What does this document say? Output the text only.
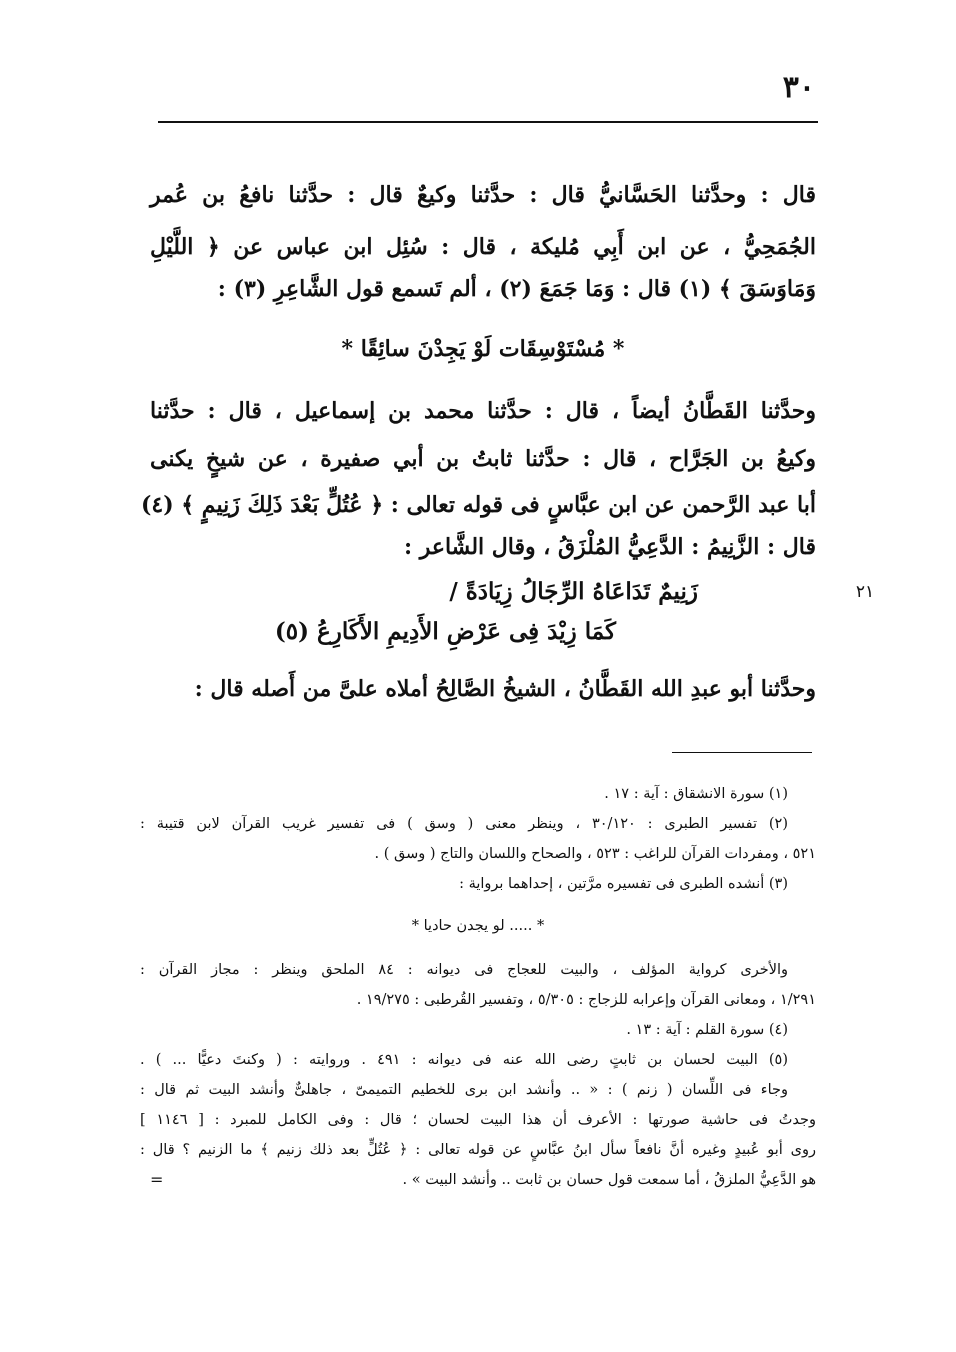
٣٠
٢١
قال : وحدَّثنا الحَسَّانيُّ قال : حدَّثنا وكيعٌ قال : حدَّثنا نافعُ بن عُمر
الجُمَحِيُّ ، عن ابن أَبِي مُليكة ، قال : سُئِل ابن عباس عن ﴿ اللَّيْلِ
وَمَاوَسَقَ ﴾ (١) قال : وَمَا جَمَعَ (٢) ، ألم تَسمع قول الشَّاعِرِ (٣) :
* مُسْتَوْسِقَات لَوْ يَجِدْنَ سائِقًا *
وحدَّثنا القَطَّانُ أيضاً ، قال : حدَّثنا محمد بن إسماعيل ، قال : حدَّثنا
وكيعُ بن الجَرَّاح ، قال : حدَّثنا ثابتُ بن أبي صفيرة ، عن شيخٍ يكنى
أبا عبد الرَّحمن عن ابن عبَّاسٍ فى قوله تعالى : ﴿ عُتُلٍّ بَعْدَ ذَلِكَ زَنِيمٍ ﴾ (٤)
قال : الزَّنِيمُ : الدَّعِيُّ المُلْزَقُ ، وقال الشَّاعر :
زَنِيمٌ تَدَاعَاهُ الرِّجَالُ زِيَادَةً /
كَمَا زِيْدَ فِى عَرْضِ الأَدِيمِ الأَكَارِعُ (٥)
وحدَّثنا أبو عبدِ الله القَطَّانُ ، الشيخُ الصَّالِحُ أملاه علىَّ من أَصله قال :
(١) سورة الانشقاق : آية : ١٧ .
(٢) تفسير الطبرى : ٣٠/١٢٠ ، وينظر معنى ( وسق ) فى تفسير غريب القرآن لابن قتيبة :
٥٢١ ، ومفردات القرآن للراغب : ٥٢٣ ، والصحاح واللسان والتاج ( وسق ) .
(٣) أنشده الطبرى فى تفسيره مرَّتين ، إحداهما برواية :
* ..... لو يجدن حاديا *
والأخرى كرواية المؤلف ، والبيت للعجاج فى ديوانه : ٨٤ الملحق وينظر : مجاز القرآن :
١/٢٩١ ، ومعانى القرآن وإعرابه للزجاج : ٥/٣٠٥ ، وتفسير القُرطبى : ١٩/٢٧٥ .
(٤) سورة القلم : آية : ١٣ .
(٥) البيت لحسان بن ثابتٍ رضى الله عنه فى ديوانه : ٤٩١ . وروايته : ( وكنتَ دعيًّا ... ) .
وجاء فى اللِّسان ( زنم ) : « .. وأنشد ابن برى للخطيم التميمىّ ، جاهلىٌّ وأنشد البيت ثم قال :
وجدتُ فى حاشية صورتها : الأعرف أن هذا البيت لحسان ؛ قال : وفى الكامل للمبرد : [ ١١٤٦ ]
روى أبو عُبيدٍ وغيره أنَّ نافعاً سأل ابنُ عبَّاسٍ عن قوله تعالى : ﴿ عُتُلٍّ بعد ذلك زنيم ﴾ ما الزنيم ؟ قال :
هو الدَّعِيُّ الملزقُ ، أما سمعت قول حسان بن ثابت .. وأنشد البيت » .
=
